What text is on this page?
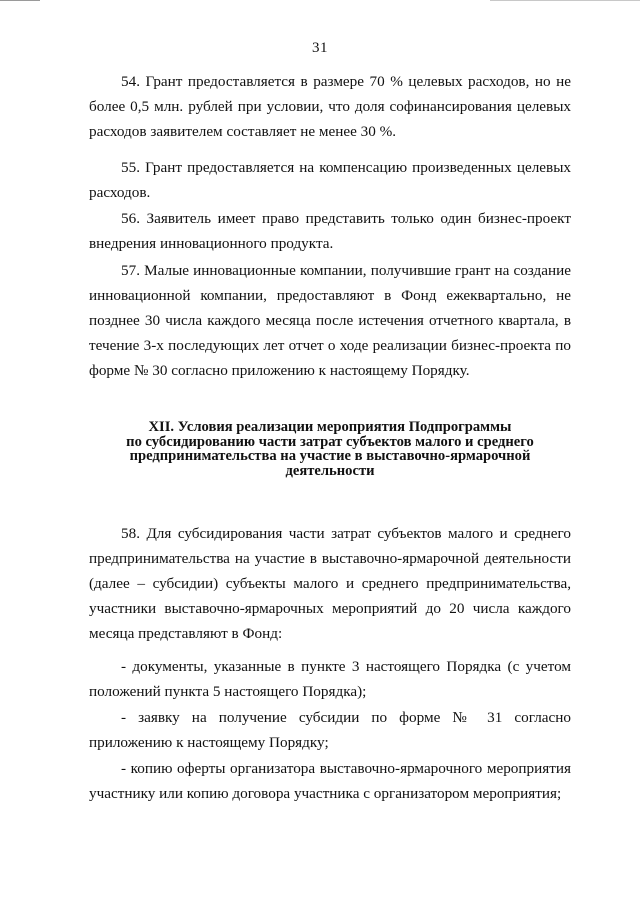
31

54. Грант предоставляется в размере 70 % целевых расходов, но не более 0,5 млн. рублей при условии, что доля софинансирования целевых расходов заявителем составляет не менее 30 %.

55. Грант предоставляется на компенсацию произведенных целевых расходов.

56. Заявитель имеет право представить только один бизнес-проект внедрения инновационного продукта.

57. Малые инновационные компании, получившие грант на создание инновационной компании, предоставляют в Фонд ежеквартально, не позднее 30 числа каждого месяца после истечения отчетного квартала, в течение 3-х последующих лет отчет о ходе реализации бизнес-проекта по форме № 30 согласно приложению к настоящему Порядку.

XII. Условия реализации мероприятия Подпрограммы
по субсидированию части затрат субъектов малого и среднего
предпринимательства на участие в выставочно-ярмарочной
деятельности

58. Для субсидирования части затрат субъектов малого и среднего предпринимательства на участие в выставочно-ярмарочной деятельности (далее – субсидии) субъекты малого и среднего предпринимательства, участники выставочно-ярмарочных мероприятий до 20 числа каждого месяца представляют в Фонд:

- документы, указанные в пункте 3 настоящего Порядка (с учетом положений пункта 5 настоящего Порядка);

- заявку на получение субсидии по форме № 31 согласно приложению к настоящему Порядку;

- копию оферты организатора выставочно-ярмарочного мероприятия участнику или копию договора участника с организатором мероприятия;
